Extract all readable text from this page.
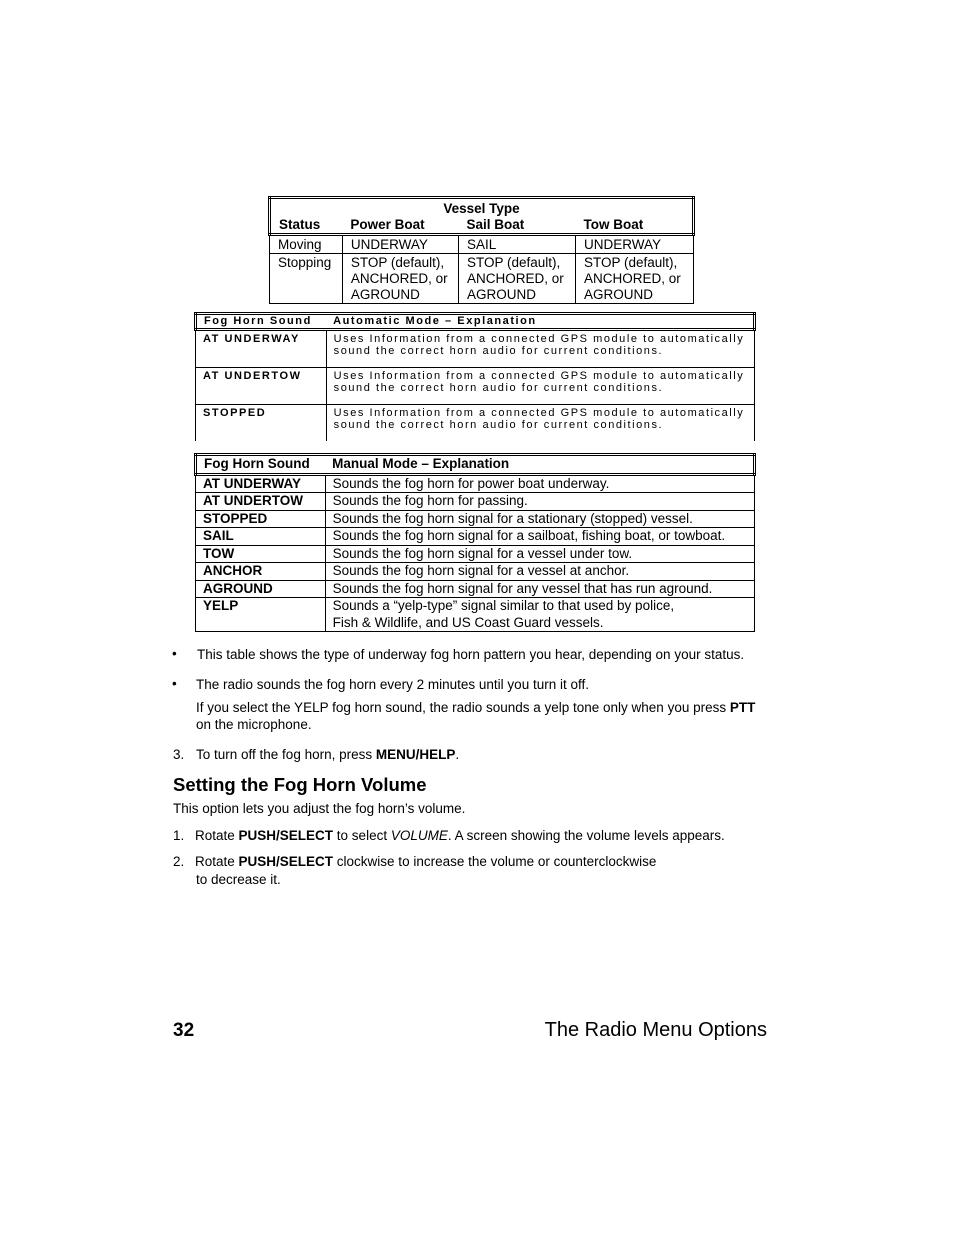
Vessel Type			
Status	Power Boat	Sail Boat	Tow Boat
Moving	UNDERWAY	SAIL	UNDERWAY
Stopping	STOP (default), ANCHORED, or AGROUND	STOP (default), ANCHORED, or AGROUND	STOP (default), ANCHORED, or AGROUND
Fog Horn Sound	Automatic Mode – Explanation
AT UNDERWAY	Uses Information from a connected GPS module to automatically sound the correct horn audio for current conditions.
AT UNDERTOW	Uses Information from a connected GPS module to automatically sound the correct horn audio for current conditions.
STOPPED	Uses Information from a connected GPS module to automatically sound the correct horn audio for current conditions.
Fog Horn Sound	Manual Mode – Explanation
AT UNDERWAY	Sounds the fog horn for power boat underway.
AT UNDERTOW	Sounds the fog horn for passing.
STOPPED	Sounds the fog horn signal for a stationary (stopped) vessel.
SAIL	Sounds the fog horn signal for a sailboat, fishing boat, or towboat.
TOW	Sounds the fog horn signal for a vessel under tow.
ANCHOR	Sounds the fog horn signal for a vessel at anchor.
AGROUND	Sounds the fog horn signal for any vessel that has run aground.
YELP	Sounds a “yelp-type” signal similar to that used by police, Fish & Wildlife, and US Coast Guard vessels.
• This table shows the type of underway fog horn pattern you hear, depending on your status.
• The radio sounds the fog horn every 2 minutes until you turn it off.
If you select the YELP fog horn sound, the radio sounds a yelp tone only when you press PTT on the microphone.
3. To turn off the fog horn, press MENU/HELP.
Setting the Fog Horn Volume
This option lets you adjust the fog horn’s volume.
1. Rotate PUSH/SELECT to select VOLUME. A screen showing the volume levels appears.
2. Rotate PUSH/SELECT clockwise to increase the volume or counterclockwise
to decrease it.
32	The Radio Menu Options
